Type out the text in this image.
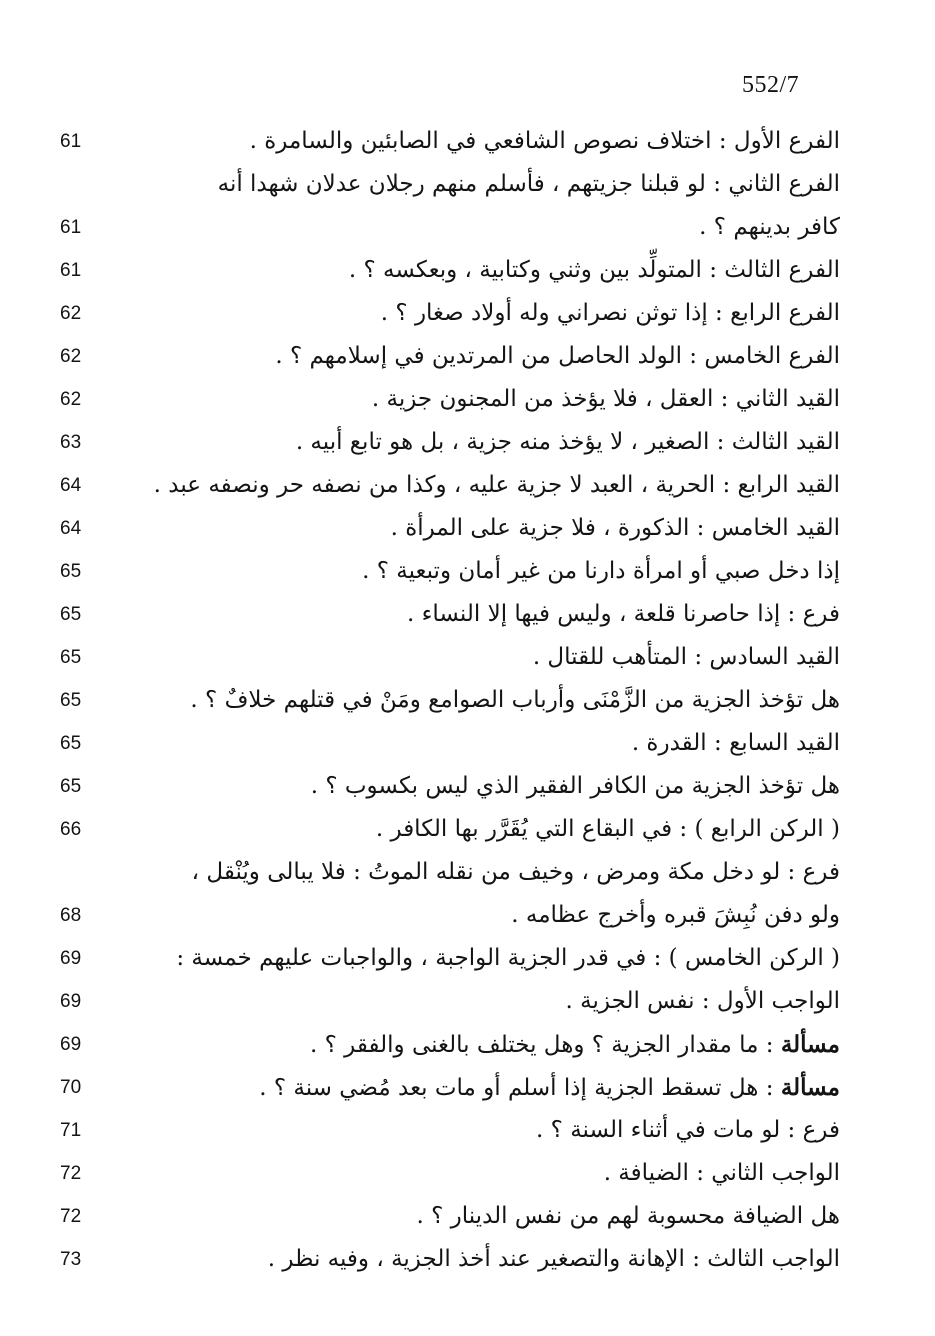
552/7
الفرع الأول : اختلاف نصوص الشافعي في الصابئين والسامرة .
61
الفرع الثاني : لو قبلنا جزيتهم ، فأسلم منهم رجلان عدلان شهدا أنه
كافر بدينهم ؟ .
61
الفرع الثالث : المتولِّد بين وثني وكتابية ، وبعكسه ؟ .
61
الفرع الرابع : إذا توثن نصراني وله أولاد صغار ؟ .
62
الفرع الخامس : الولد الحاصل من المرتدين في إسلامهم ؟ .
62
القيد الثاني : العقل ، فلا يؤخذ من المجنون جزية .
62
القيد الثالث : الصغير ، لا يؤخذ منه جزية ، بل هو تابع أبيه .
63
القيد الرابع : الحرية ، العبد لا جزية عليه ، وكذا من نصفه حر ونصفه عبد .
64
القيد الخامس : الذكورة ، فلا جزية على المرأة .
64
إذا دخل صبي أو امرأة دارنا من غير أمان وتبعية ؟ .
65
فرع : إذا حاصرنا قلعة ، وليس فيها إلا النساء .
65
القيد السادس : المتأهب للقتال .
65
هل تؤخذ الجزية من الزَّمْنَى وأرباب الصوامع ومَنْ في قتلهم خلافٌ ؟ .
65
القيد السابع : القدرة .
65
هل تؤخذ الجزية من الكافر الفقير الذي ليس بكسوب ؟ .
65
( الركن الرابع ) : في البقاع التي يُقَرَّر بها الكافر .
66
فرع : لو دخل مكة ومرض ، وخيف من نقله الموتُ : فلا يبالى ويُنْقل ،
ولو دفن نُبِشَ قبره وأخرج عظامه .
68
( الركن الخامس ) : في قدر الجزية الواجبة ، والواجبات عليهم خمسة :
69
الواجب الأول : نفس الجزية .
69
مسألة : ما مقدار الجزية ؟ وهل يختلف بالغنى والفقر ؟ .
69
مسألة : هل تسقط الجزية إذا أسلم أو مات بعد مُضي سنة ؟ .
70
فرع : لو مات في أثناء السنة ؟ .
71
الواجب الثاني : الضيافة .
72
هل الضيافة محسوبة لهم من نفس الدينار ؟ .
72
الواجب الثالث : الإهانة والتصغير عند أخذ الجزية ، وفيه نظر .
73
